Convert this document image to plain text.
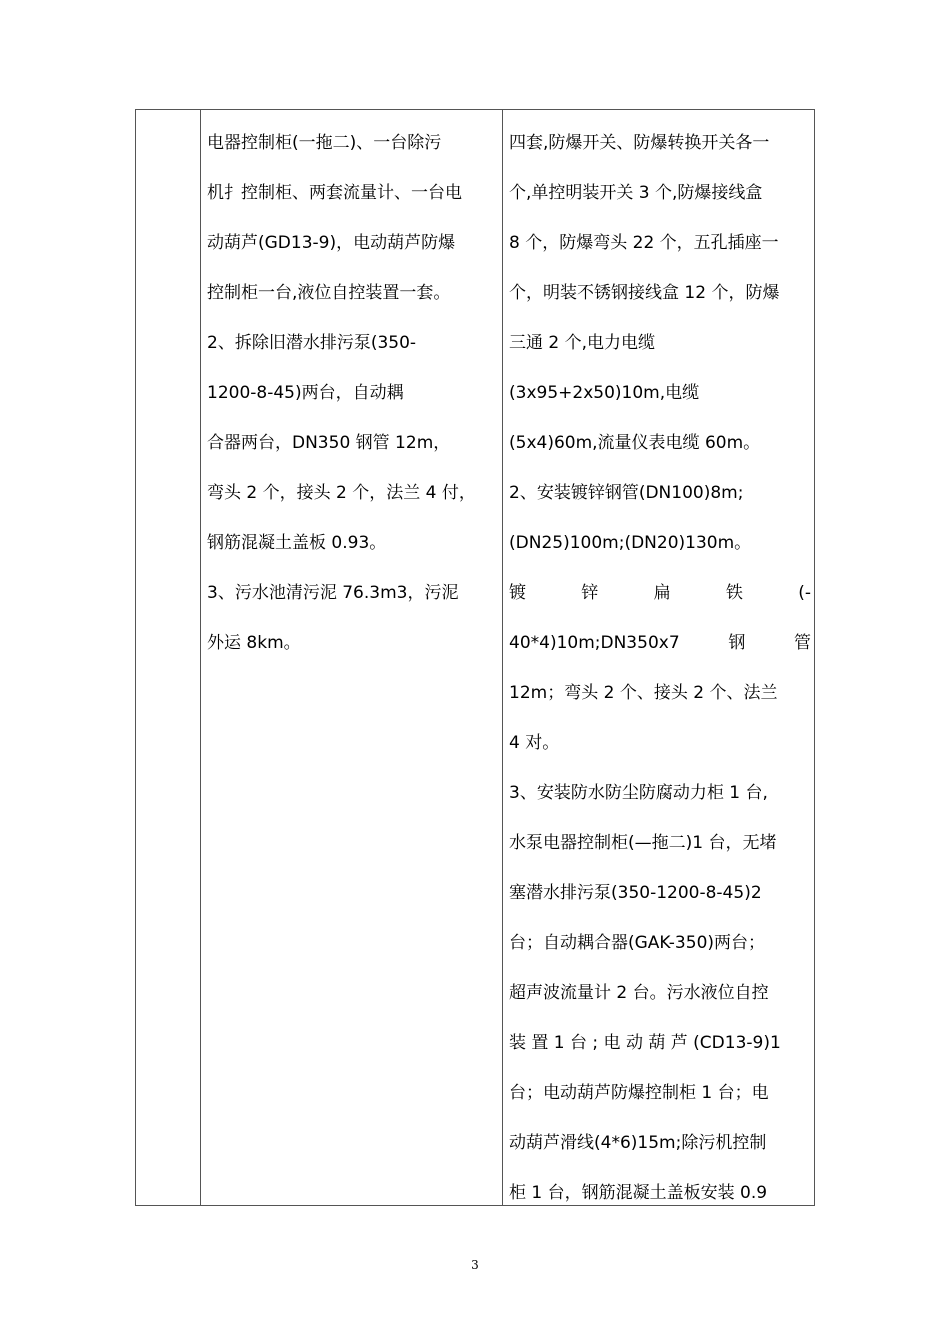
电器控制柜(一拖二)、一台除污
机扌控制柜、两套流量计、一台电
动葫芦(GD13-9)，电动葫芦防爆
控制柜一台,液位自控装置一套。
2、拆除旧潜水排污泵(350-
1200-8-45)两台，自动耦
合器两台，DN350 钢管 12m，
弯头 2 个，接头 2 个，法兰 4 付，
钢筋混凝土盖板 0.93。
3、污水池清污泥 76.3m3，污泥
外运 8km。
四套,防爆开关、防爆转换开关各一
个,单控明装开关 3 个,防爆接线盒
8 个，防爆弯头 22 个，五孔插座一
个，明装不锈钢接线盒 12 个，防爆
三通 2 个,电力电缆
(3x95+2x50)10m,电缆
(5x4)60m,流量仪表电缆 60m。
2、安装镀锌钢管(DN100)8m;
(DN25)100m;(DN20)130m。
镀	锌	扁	铁	(-
40*4)10m;DN350x7	钢	管
12m；弯头 2 个、接头 2 个、法兰
4 对。
3、安装防水防尘防腐动力柜 1 台,
水泵电器控制柜(—拖二)1 台，无堵
塞潜水排污泵(350-1200-8-45)2
台；自动耦合器(GAK-350)两台；
超声波流量计 2 台。污水液位自控
装 置 1 台 ; 电 动 葫 芦 (CD13-9)1
台；电动葫芦防爆控制柜 1 台；电
动葫芦滑线(4*6)15m;除污机控制
柜 1 台，钢筋混凝土盖板安装 0.9
3
